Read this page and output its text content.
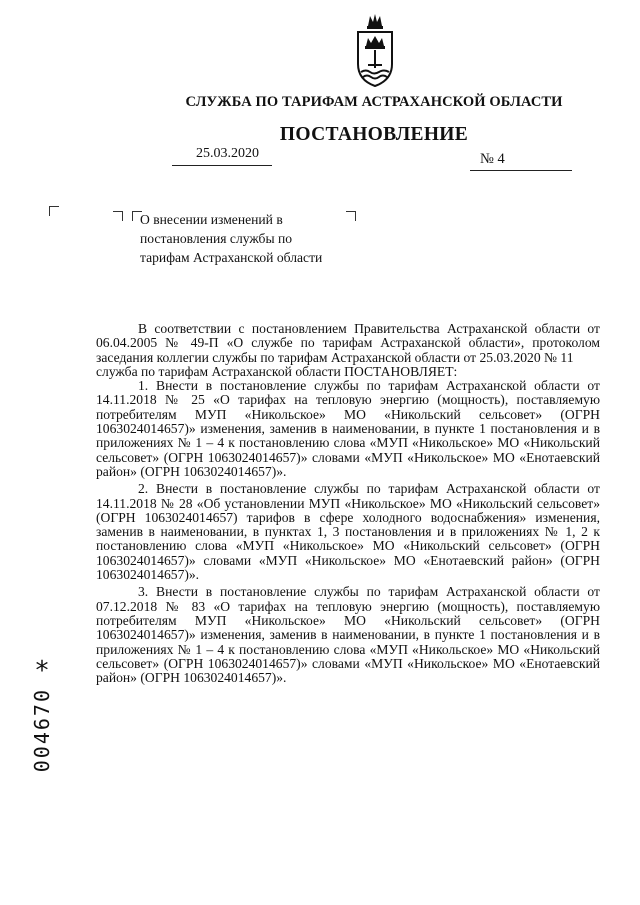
СЛУЖБА ПО ТАРИФАМ АСТРАХАНСКОЙ ОБЛАСТИ
ПОСТАНОВЛЕНИЕ
25.03.2020	№ 4

О внесении изменений в постановления службы по тарифам Астраханской области

В соответствии с постановлением Правительства Астраханской области от 06.04.2005 № 49-П «О службе по тарифам Астраханской области», протоколом заседания коллегии службы по тарифам Астраханской области от 25.03.2020 № 11

служба по тарифам Астраханской области ПОСТАНОВЛЯЕТ:

1. Внести в постановление службы по тарифам Астраханской области от 14.11.2018 № 25 «О тарифах на тепловую энергию (мощность), поставляемую потребителям МУП «Никольское» МО «Никольский сельсовет» (ОГРН 1063024014657)» изменения, заменив в наименовании, в пункте 1 постановления и в приложениях № 1 – 4 к постановлению слова «МУП «Никольское» МО «Никольский сельсовет» (ОГРН 1063024014657)» словами «МУП «Никольское» МО «Енотаевский район» (ОГРН 1063024014657)».

2. Внести в постановление службы по тарифам Астраханской области от 14.11.2018 № 28 «Об установлении МУП «Никольское» МО «Никольский сельсовет» (ОГРН 1063024014657) тарифов в сфере холодного водоснабжения» изменения, заменив в наименовании, в пунктах 1, 3 постановления и в приложениях № 1, 2 к постановлению слова «МУП «Никольское» МО «Никольский сельсовет» (ОГРН 1063024014657)» словами «МУП «Никольское» МО «Енотаевский район» (ОГРН 1063024014657)».

3. Внести в постановление службы по тарифам Астраханской области от 07.12.2018 № 83 «О тарифах на тепловую энергию (мощность), поставляемую потребителям МУП «Никольское» МО «Никольский сельсовет» (ОГРН 1063024014657)» изменения, заменив в наименовании, в пункте 1 постановления и в приложениях № 1 – 4 к постановлению слова «МУП «Никольское» МО «Никольский сельсовет» (ОГРН 1063024014657)» словами «МУП «Никольское» МО «Енотаевский район» (ОГРН 1063024014657)».

*
004670
